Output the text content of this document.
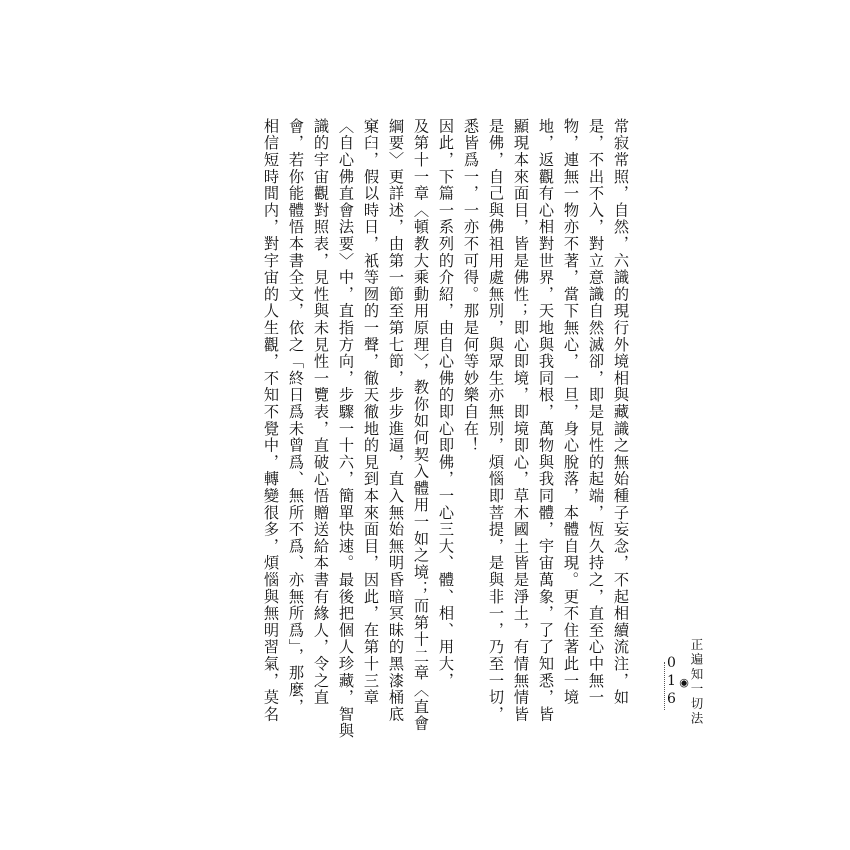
常寂常照，自然，六識的現行外境相與藏識之無始種子妄念，不起相續流注，如
是，不出不入，對立意識自然滅卻，即是見性的起端，恆久持之，直至心中無一
物，連無一物亦不著，當下無心，一旦，身心脫落，本體自現。更不住著此一境
地，返觀有心相對世界，天地與我同根，萬物與我同體，宇宙萬象，了了知悉，皆
顯現本來面目，皆是佛性；即心即境，即境即心，草木國土皆是淨土，有情無情皆
是佛，自己與佛祖用處無別，與眾生亦無別，煩惱即菩提，是與非一，乃至一切，
悉皆爲一，一亦不可得。那是何等妙樂自在！
因此，下篇一系列的介紹，由自心佛的即心即佛，一心三大、體、相、用大，
及第十一章〈頓教大乘動用原理〉，教你如何契入體用一如之境；而第十二章〈直會
綱要〉更詳述，由第一節至第七節，步步進逼，直入無始無明昏暗冥昧的黑漆桶底
窠臼，假以時日，衹等囫的一聲，徹天徹地的見到本來面目，因此，在第十三章
〈自心佛直會法要〉中，直指方向，步驟一十六，簡單快速。最後把個人珍藏，智與
識的宇宙觀對照表，見性與未見性一覽表，直破心悟贈送給本書有緣人，令之直
會，若你能體悟本書全文，依之「終日爲未曾爲、無所不爲、亦無所爲」，那麼，
相信短時間内，對宇宙的人生觀，不知不覺中，轉變很多，煩惱與無明習氣，莫名	正遍知一切法
◉
016
